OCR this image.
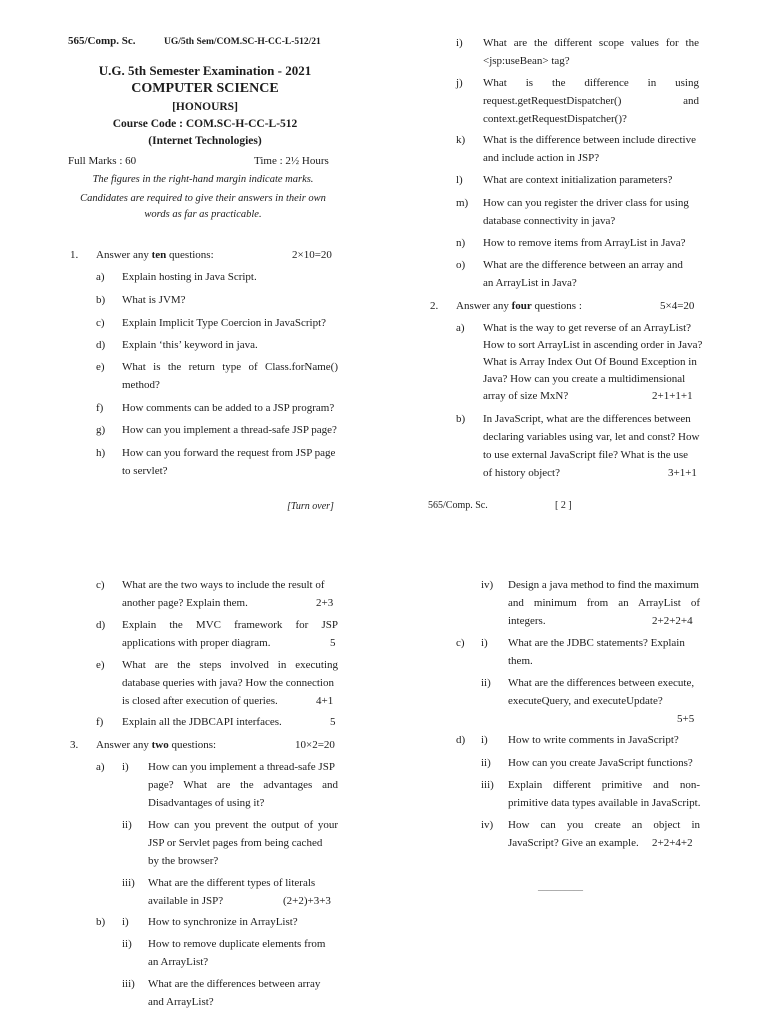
565/Comp. Sc.	UG/5th Sem/COM.SC-H-CC-L-512/21
U.G. 5th Semester Examination - 2021
COMPUTER SCIENCE
[HONOURS]
Course Code : COM.SC-H-CC-L-512
(Internet Technologies)
Full Marks : 60	Time : 2½ Hours
The figures in the right-hand margin indicate marks.
Candidates are required to give their answers in their own words as far as practicable.
1. Answer any ten questions:	2×10=20
a) Explain hosting in Java Script.
b) What is JVM?
c) Explain Implicit Type Coercion in JavaScript?
d) Explain ‘this’ keyword in java.
e) What is the return type of Class.forName()
method?
f) How comments can be added to a JSP program?
g) How can you implement a thread-safe JSP page?
h) How can you forward the request from JSP page
to servlet?
[Turn over]
i) What are the different scope values for the
<jsp:useBean> tag?
j) What is the difference in using
request.getRequestDispatcher() and
context.getRequestDispatcher()?
k) What is the difference between include directive
and include action in JSP?
l) What are context initialization parameters?
m) How can you register the driver class for using
database connectivity in java?
n) How to remove items from ArrayList in Java?
o) What are the difference between an array and
an ArrayList in Java?
2. Answer any four questions :	5×4=20
a) What is the way to get reverse of an ArrayList?
How to sort ArrayList in ascending order in Java?
What is Array Index Out Of Bound Exception in
Java? How can you create a multidimensional
array of size MxN?	2+1+1+1
b) In JavaScript, what are the differences between
declaring variables using var, let and const? How
to use external JavaScript file? What is the use
of history object?	3+1+1
565/Comp. Sc.	[ 2 ]
c) What are the two ways to include the result of
another page? Explain them.	2+3
d) Explain the MVC framework for JSP
applications with proper diagram.	5
e) What are the steps involved in executing
database queries with java? How the connection
is closed after execution of queries.	4+1
f) Explain all the JDBCAPI interfaces.	5
3. Answer any two questions:	10×2=20
a) i) How can you implement a thread-safe JSP
page? What are the advantages and
Disadvantages of using it?
ii) How can you prevent the output of your
JSP or Servlet pages from being cached
by the browser?
iii) What are the different types of literals
available in JSP?	(2+2)+3+3
b) i) How to synchronize in ArrayList?
ii) How to remove duplicate elements from
an ArrayList?
iii) What are the differences between array
and ArrayList?
iv) Design a java method to find the maximum
and minimum from an ArrayList of
integers.	2+2+2+4
c) i) What are the JDBC statements? Explain
them.
ii) What are the differences between execute,
executeQuery, and executeUpdate?
5+5
d) i) How to write comments in JavaScript?
ii) How can you create JavaScript functions?
iii) Explain different primitive and non-
primitive data types available in JavaScript.
iv) How can you create an object in
JavaScript? Give an example. 2+2+4+2
__________
